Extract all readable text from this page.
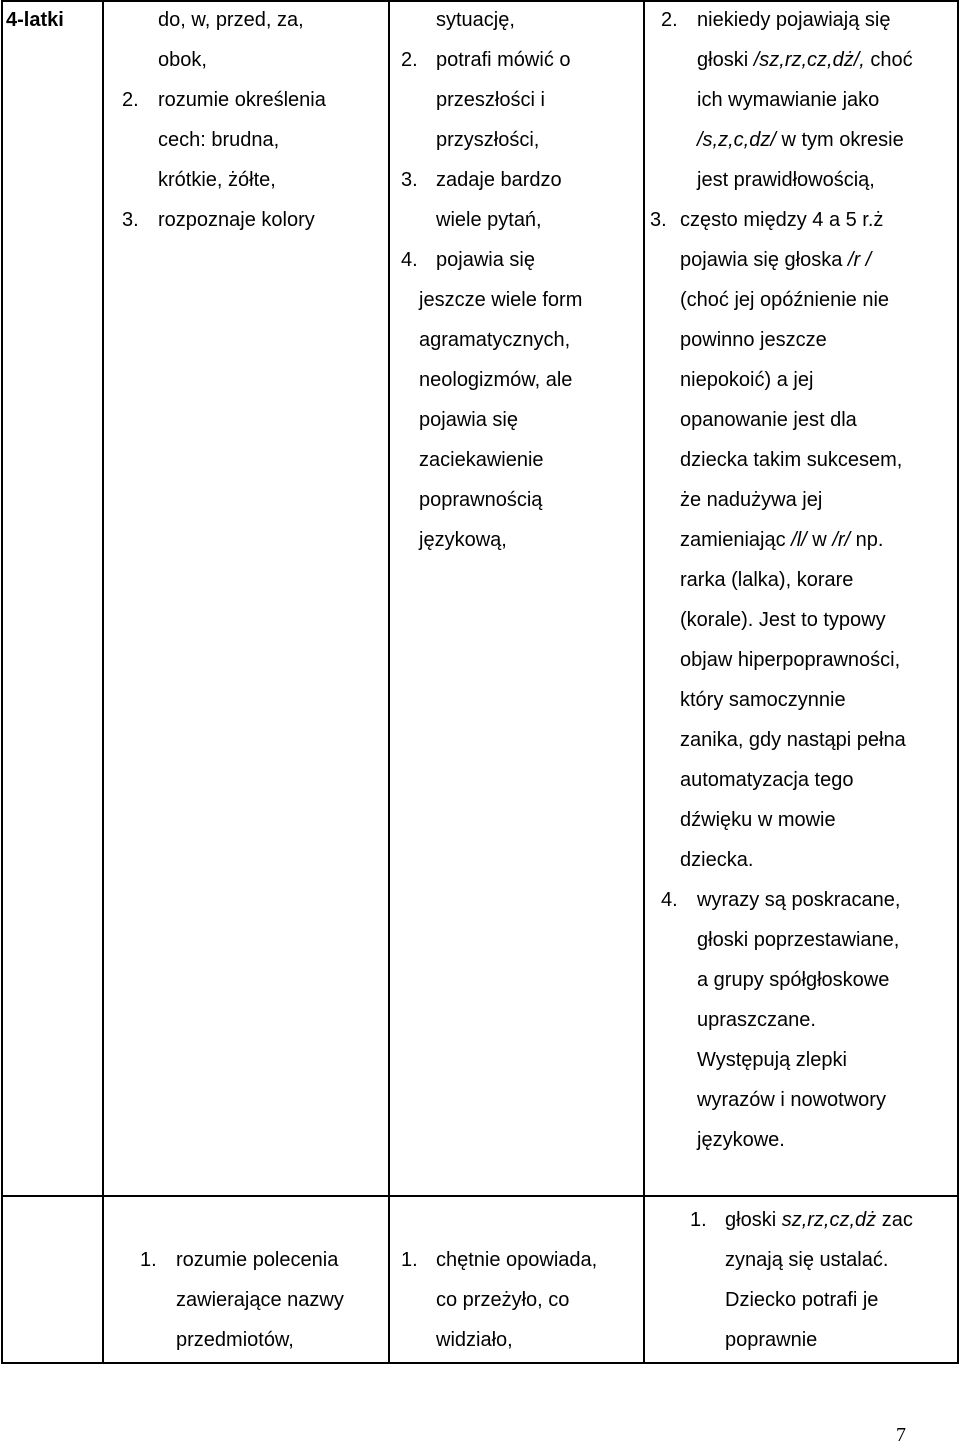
4-latki	do, w, przed, za,
obok,
2. rozumie określenia
cech: brudna,
krótkie, żółte,
3. rozpoznaje kolory
sytuację,
2. potrafi mówić o
przeszłości i
przyszłości,
3. zadaje bardzo
wiele pytań,
4. pojawia się
jeszcze wiele form
agramatycznych,
neologizmów, ale
pojawia się
zaciekawienie
poprawnością
językową,
2. niekiedy pojawiają się
głoski /sz,rz,cz,dż/, choć
ich wymawianie jako
/s,z,c,dz/ w tym okresie
jest prawidłowością,
3. często między 4 a 5 r.ż
pojawia się głoska /r /
(choć jej opóźnienie nie
powinno jeszcze
niepokoić) a jej
opanowanie jest dla
dziecka takim sukcesem,
że nadużywa jej
zamieniając /l/ w /r/ np.
rarka (lalka), korare
(korale). Jest to typowy
objaw hiperpoprawności,
który samoczynnie
zanika, gdy nastąpi pełna
automatyzacja tego
dźwięku w mowie
dziecka.
4. wyrazy są poskracane,
głoski poprzestawiane,
a grupy spółgłoskowe
upraszczane.
Występują zlepki
wyrazów i nowotwory
językowe.
1. rozumie polecenia
zawierające nazwy
przedmiotów,
1. chętnie opowiada,
co przeżyło, co
widziało,
1. głoski sz,rz,cz,dż zac
zynają się ustalać.
Dziecko potrafi je
poprawnie
7
